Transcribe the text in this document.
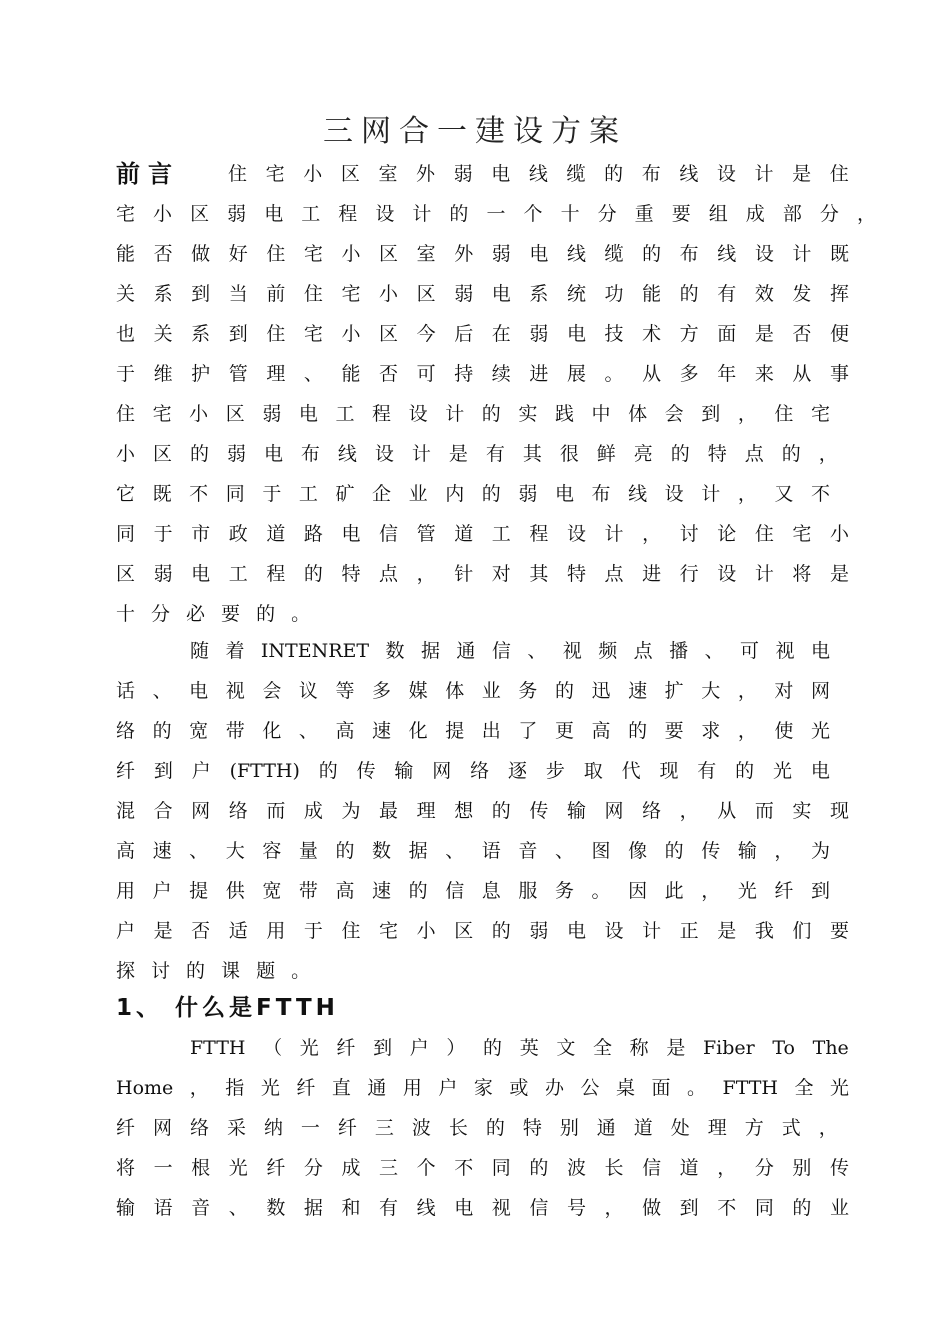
三网合一建设方案
前言	住 宅 小 区 室 外 弱 电 线 缆 的 布 线 设 计 是 住
宅 小 区 弱 电 工 程 设 计 的 一 个 十 分 重 要 组 成 部 分 ，
能 否 做 好 住 宅 小 区 室 外 弱 电 线 缆 的 布 线 设 计 既
关 系 到 当 前 住 宅 小 区 弱 电 系 统 功 能 的 有 效 发 挥
也 关 系 到 住 宅 小 区 今 后 在 弱 电 技 术 方 面 是 否 便
于 维 护 管 理 、 能 否 可 持 续 进 展 。 从 多 年 来 从 事
住 宅 小 区 弱 电 工 程 设 计 的 实 践 中 体 会 到 ， 住 宅
小 区 的 弱 电 布 线 设 计 是 有 其 很 鲜 亮 的 特 点 的 ，
它 既 不 同 于 工 矿 企 业 内 的 弱 电 布 线 设 计 ， 又 不
同 于 市 政 道 路 电 信 管 道 工 程 设 计 ， 讨 论 住 宅 小
区 弱 电 工 程 的 特 点 ， 针 对 其 特 点 进 行 设 计 将 是
十 分 必 要 的 。
随 着 INTENRET 数 据 通 信 、 视 频 点 播 、 可 视 电
话 、 电 视 会 议 等 多 媒 体 业 务 的 迅 速 扩 大 ， 对 网
络 的 宽 带 化 、 高 速 化 提 出 了 更 高 的 要 求 ， 使 光
纤 到 户 (FTTH) 的 传 输 网 络 逐 步 取 代 现 有 的 光 电
混 合 网 络 而 成 为 最 理 想 的 传 输 网 络 ， 从 而 实 现
高 速 、 大 容 量 的 数 据 、 语 音 、 图 像 的 传 输 ， 为
用 户 提 供 宽 带 高 速 的 信 息 服 务 。 因 此 ， 光 纤 到
户 是 否 适 用 于 住 宅 小 区 的 弱 电 设 计 正 是 我 们 要
探 讨 的 课 题 。
1、 什么是FTTH
FTTH （ 光 纤 到 户 ） 的 英 文 全 称 是 Fiber To The
Home ， 指 光 纤 直 通 用 户 家 或 办 公 桌 面 。 FTTH 全 光
纤 网 络 采 纳 一 纤 三 波 长 的 特 别 通 道 处 理 方 式 ，
将 一 根 光 纤 分 成 三 个 不 同 的 波 长 信 道 ， 分 别 传
输 语 音 、 数 据 和 有 线 电 视 信 号 ， 做 到 不 同 的 业
